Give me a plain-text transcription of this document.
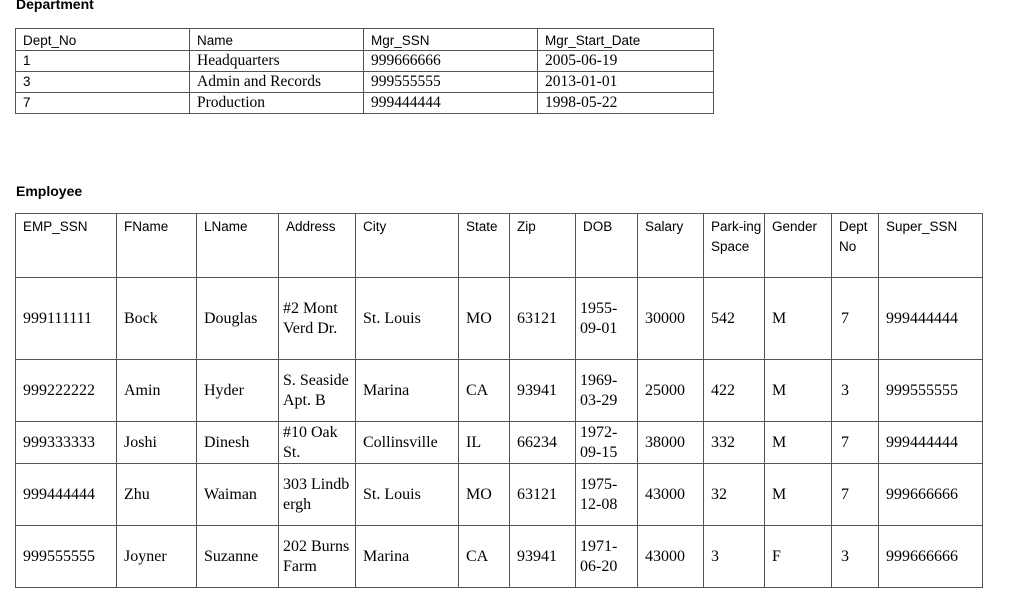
Department

Dept_No	Name	Mgr_SSN	Mgr_Start_Date
1	Headquarters	999666666	2005-06-19
3	Admin and Records	999555555	2013-01-01
7	Production	999444444	1998-05-22

Employee

EMP_SSN	FName	LName	Address	City	State	Zip	DOB	Salary	Park-ing Space	Gender	Dept No	Super_SSN
999111111	Bock	Douglas	#2 Mont Verd Dr.	St. Louis	MO	63121	1955-09-01	30000	542	M	7	999444444
999222222	Amin	Hyder	S. Seaside Apt. B	Marina	CA	93941	1969-03-29	25000	422	M	3	999555555
999333333	Joshi	Dinesh	#10 Oak St.	Collinsville	IL	66234	1972-09-15	38000	332	M	7	999444444
999444444	Zhu	Waiman	303 Lindbergh	St. Louis	MO	63121	1975-12-08	43000	32	M	7	999666666
999555555	Joyner	Suzanne	202 Burns Farm	Marina	CA	93941	1971-06-20	43000	3	F	3	999666666
